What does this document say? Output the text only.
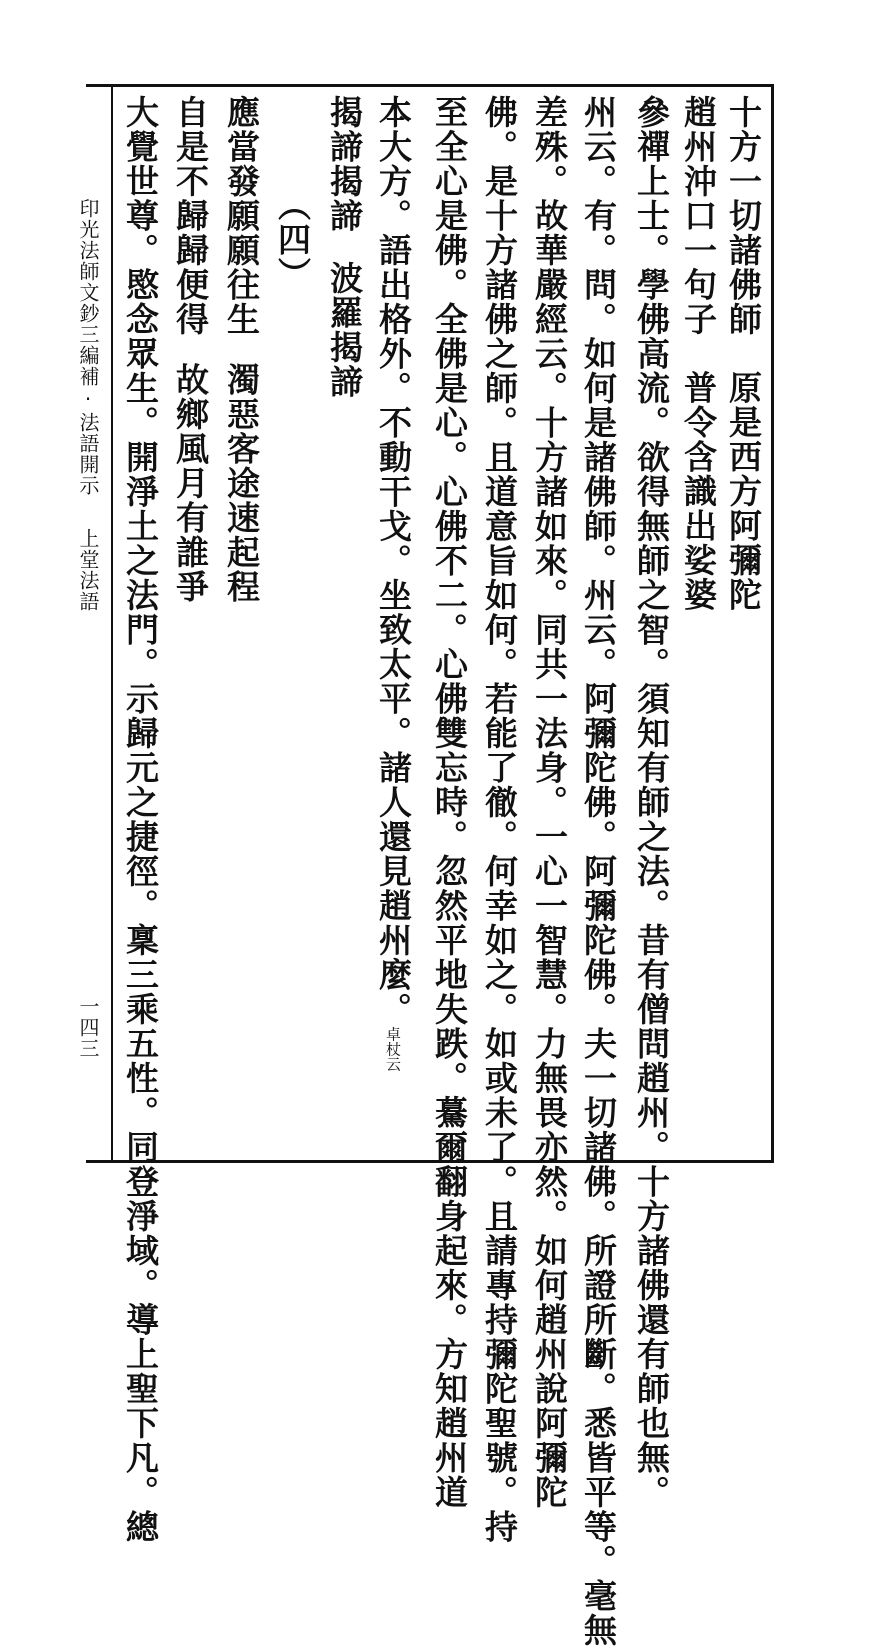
印光法師文鈔三編補·法語開示
上堂法語
一四三
十方一切諸佛師原是西方阿彌陀
趙州沖口一句子普令含識出娑婆
參禪上士。學佛高流。欲得無師之智。須知有師之法。昔有僧問趙州。十方諸佛還有師也無。
州云。有。問。如何是諸佛師。州云。阿彌陀佛。阿彌陀佛。夫一切諸佛。所證所斷。悉皆平等。毫無
差殊。故華嚴經云。十方諸如來。同共一法身。一心一智慧。力無畏亦然。如何趙州說阿彌陀
佛。是十方諸佛之師。且道意旨如何。若能了徹。何幸如之。如或未了。且請專持彌陀聖號。持
至全心是佛。全佛是心。心佛不二。心佛雙忘時。忽然平地失跌。驀爾翻身起來。方知趙州道
本大方。語出格外。不動干戈。坐致太平。諸人還見趙州麼。$^{卓杖云}$
揭諦揭諦波羅揭諦
（四）
應當發願願往生濁惡客途速起程
自是不歸歸便得故鄉風月有誰爭
大覺世尊。愍念眾生。開淨土之法門。示歸元之捷徑。稟三乘五性。同登淨域。導上聖下凡。總
